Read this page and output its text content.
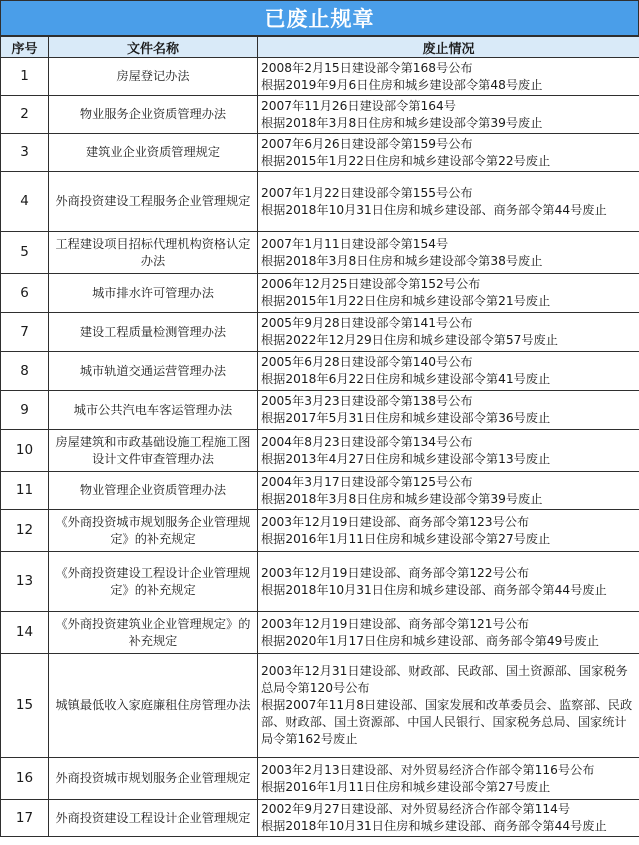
已废止规章
序号	文件名称	废止情况
1	房屋登记办法	2008年2月15日建设部令第168号公布
根据2019年9月6日住房和城乡建设部令第48号废止

2	物业服务企业资质管理办法	2007年11月26日建设部令第164号
根据2018年3月8日住房和城乡建设部令第39号废止

3	建筑业企业资质管理规定	2007年6月26日建设部令第159号公布
根据2015年1月22日住房和城乡建设部令第22号废止

4	外商投资建设工程服务企业管理规定	2007年1月22日建设部令第155号公布
根据2018年10月31日住房和城乡建设部、商务部令第44号废止

5	工程建设项目招标代理机构资格认定办法	2007年1月11日建设部令第154号
根据2018年3月8日住房和城乡建设部令第38号废止

6	城市排水许可管理办法	2006年12月25日建设部令第152号公布
根据2015年1月22日住房和城乡建设部令第21号废止

7	建设工程质量检测管理办法	2005年9月28日建设部令第141号公布
根据2022年12月29日住房和城乡建设部令第57号废止

8	城市轨道交通运营管理办法	2005年6月28日建设部令第140号公布
根据2018年6月22日住房和城乡建设部令第41号废止

9	城市公共汽电车客运管理办法	2005年3月23日建设部令第138号公布
根据2017年5月31日住房和城乡建设部令第36号废止

10	房屋建筑和市政基础设施工程施工图设计文件审查管理办法	2004年8月23日建设部令第134号公布
根据2013年4月27日住房和城乡建设部令第13号废止

11	物业管理企业资质管理办法	2004年3月17日建设部令第125号公布
根据2018年3月8日住房和城乡建设部令第39号废止

12	《外商投资城市规划服务企业管理规定》的补充规定	2003年12月19日建设部、商务部令第123号公布
根据2016年1月11日住房和城乡建设部令第27号废止

13	《外商投资建设工程设计企业管理规定》的补充规定	2003年12月19日建设部、商务部令第122号公布
根据2018年10月31日住房和城乡建设部、商务部令第44号废止

14	《外商投资建筑业企业管理规定》的补充规定	2003年12月19日建设部、商务部令第121号公布
根据2020年1月17日住房和城乡建设部、商务部令第49号废止

15	城镇最低收入家庭廉租住房管理办法	2003年12月31日建设部、财政部、民政部、国土资源部、国家税务总局令第120号公布
根据2007年11月8日建设部、国家发展和改革委员会、监察部、民政部、财政部、国土资源部、中国人民银行、国家税务总局、国家统计局令第162号废止

16	外商投资城市规划服务企业管理规定	2003年2月13日建设部、对外贸易经济合作部令第116号公布
根据2016年1月11日住房和城乡建设部令第27号废止

17	外商投资建设工程设计企业管理规定	2002年9月27日建设部、对外贸易经济合作部令第114号
根据2018年10月31日住房和城乡建设部、商务部令第44号废止
